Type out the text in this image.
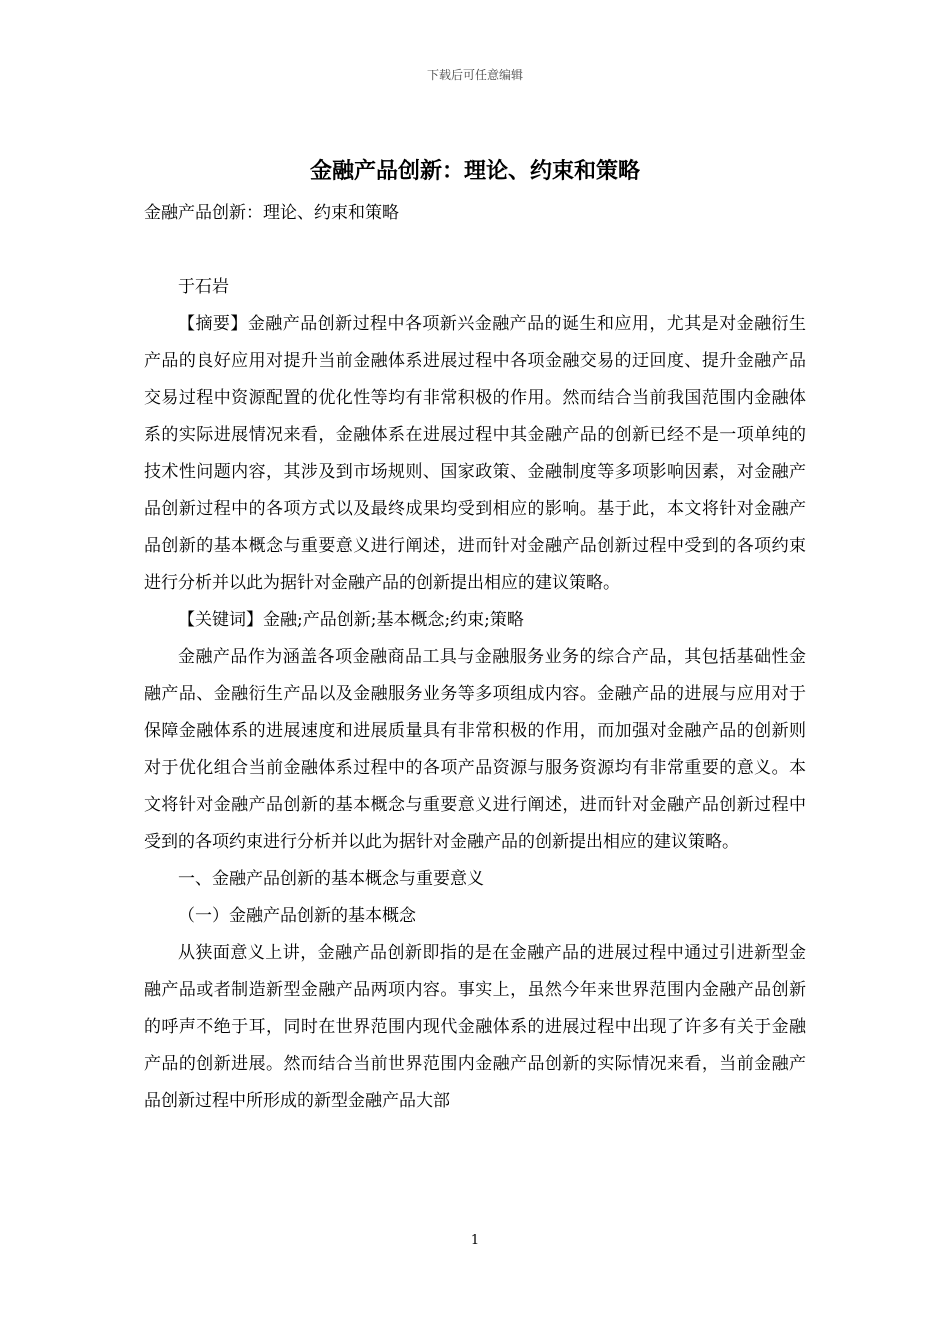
下载后可任意编辑
金融产品创新：理论、约束和策略

金融产品创新：理论、约束和策略

于石岩

【摘要】金融产品创新过程中各项新兴金融产品的诞生和应用，尤其是对金融衍生产品的良好应用对提升当前金融体系进展过程中各项金融交易的迂回度、提升金融产品交易过程中资源配置的优化性等均有非常积极的作用。然而结合当前我国范围内金融体系的实际进展情况来看，金融体系在进展过程中其金融产品的创新已经不是一项单纯的技术性问题内容，其涉及到市场规则、国家政策、金融制度等多项影响因素，对金融产品创新过程中的各项方式以及最终成果均受到相应的影响。基于此，本文将针对金融产品创新的基本概念与重要意义进行阐述，进而针对金融产品创新过程中受到的各项约束进行分析并以此为据针对金融产品的创新提出相应的建议策略。

【关键词】金融;产品创新;基本概念;约束;策略

金融产品作为涵盖各项金融商品工具与金融服务业务的综合产品，其包括基础性金融产品、金融衍生产品以及金融服务业务等多项组成内容。金融产品的进展与应用对于保障金融体系的进展速度和进展质量具有非常积极的作用，而加强对金融产品的创新则对于优化组合当前金融体系过程中的各项产品资源与服务资源均有非常重要的意义。本文将针对金融产品创新的基本概念与重要意义进行阐述，进而针对金融产品创新过程中受到的各项约束进行分析并以此为据针对金融产品的创新提出相应的建议策略。

一、金融产品创新的基本概念与重要意义

（一）金融产品创新的基本概念

从狭面意义上讲，金融产品创新即指的是在金融产品的进展过程中通过引进新型金融产品或者制造新型金融产品两项内容。事实上，虽然今年来世界范围内金融产品创新的呼声不绝于耳，同时在世界范围内现代金融体系的进展过程中出现了许多有关于金融产品的创新进展。然而结合当前世界范围内金融产品创新的实际情况来看，当前金融产品创新过程中所形成的新型金融产品大部

1
